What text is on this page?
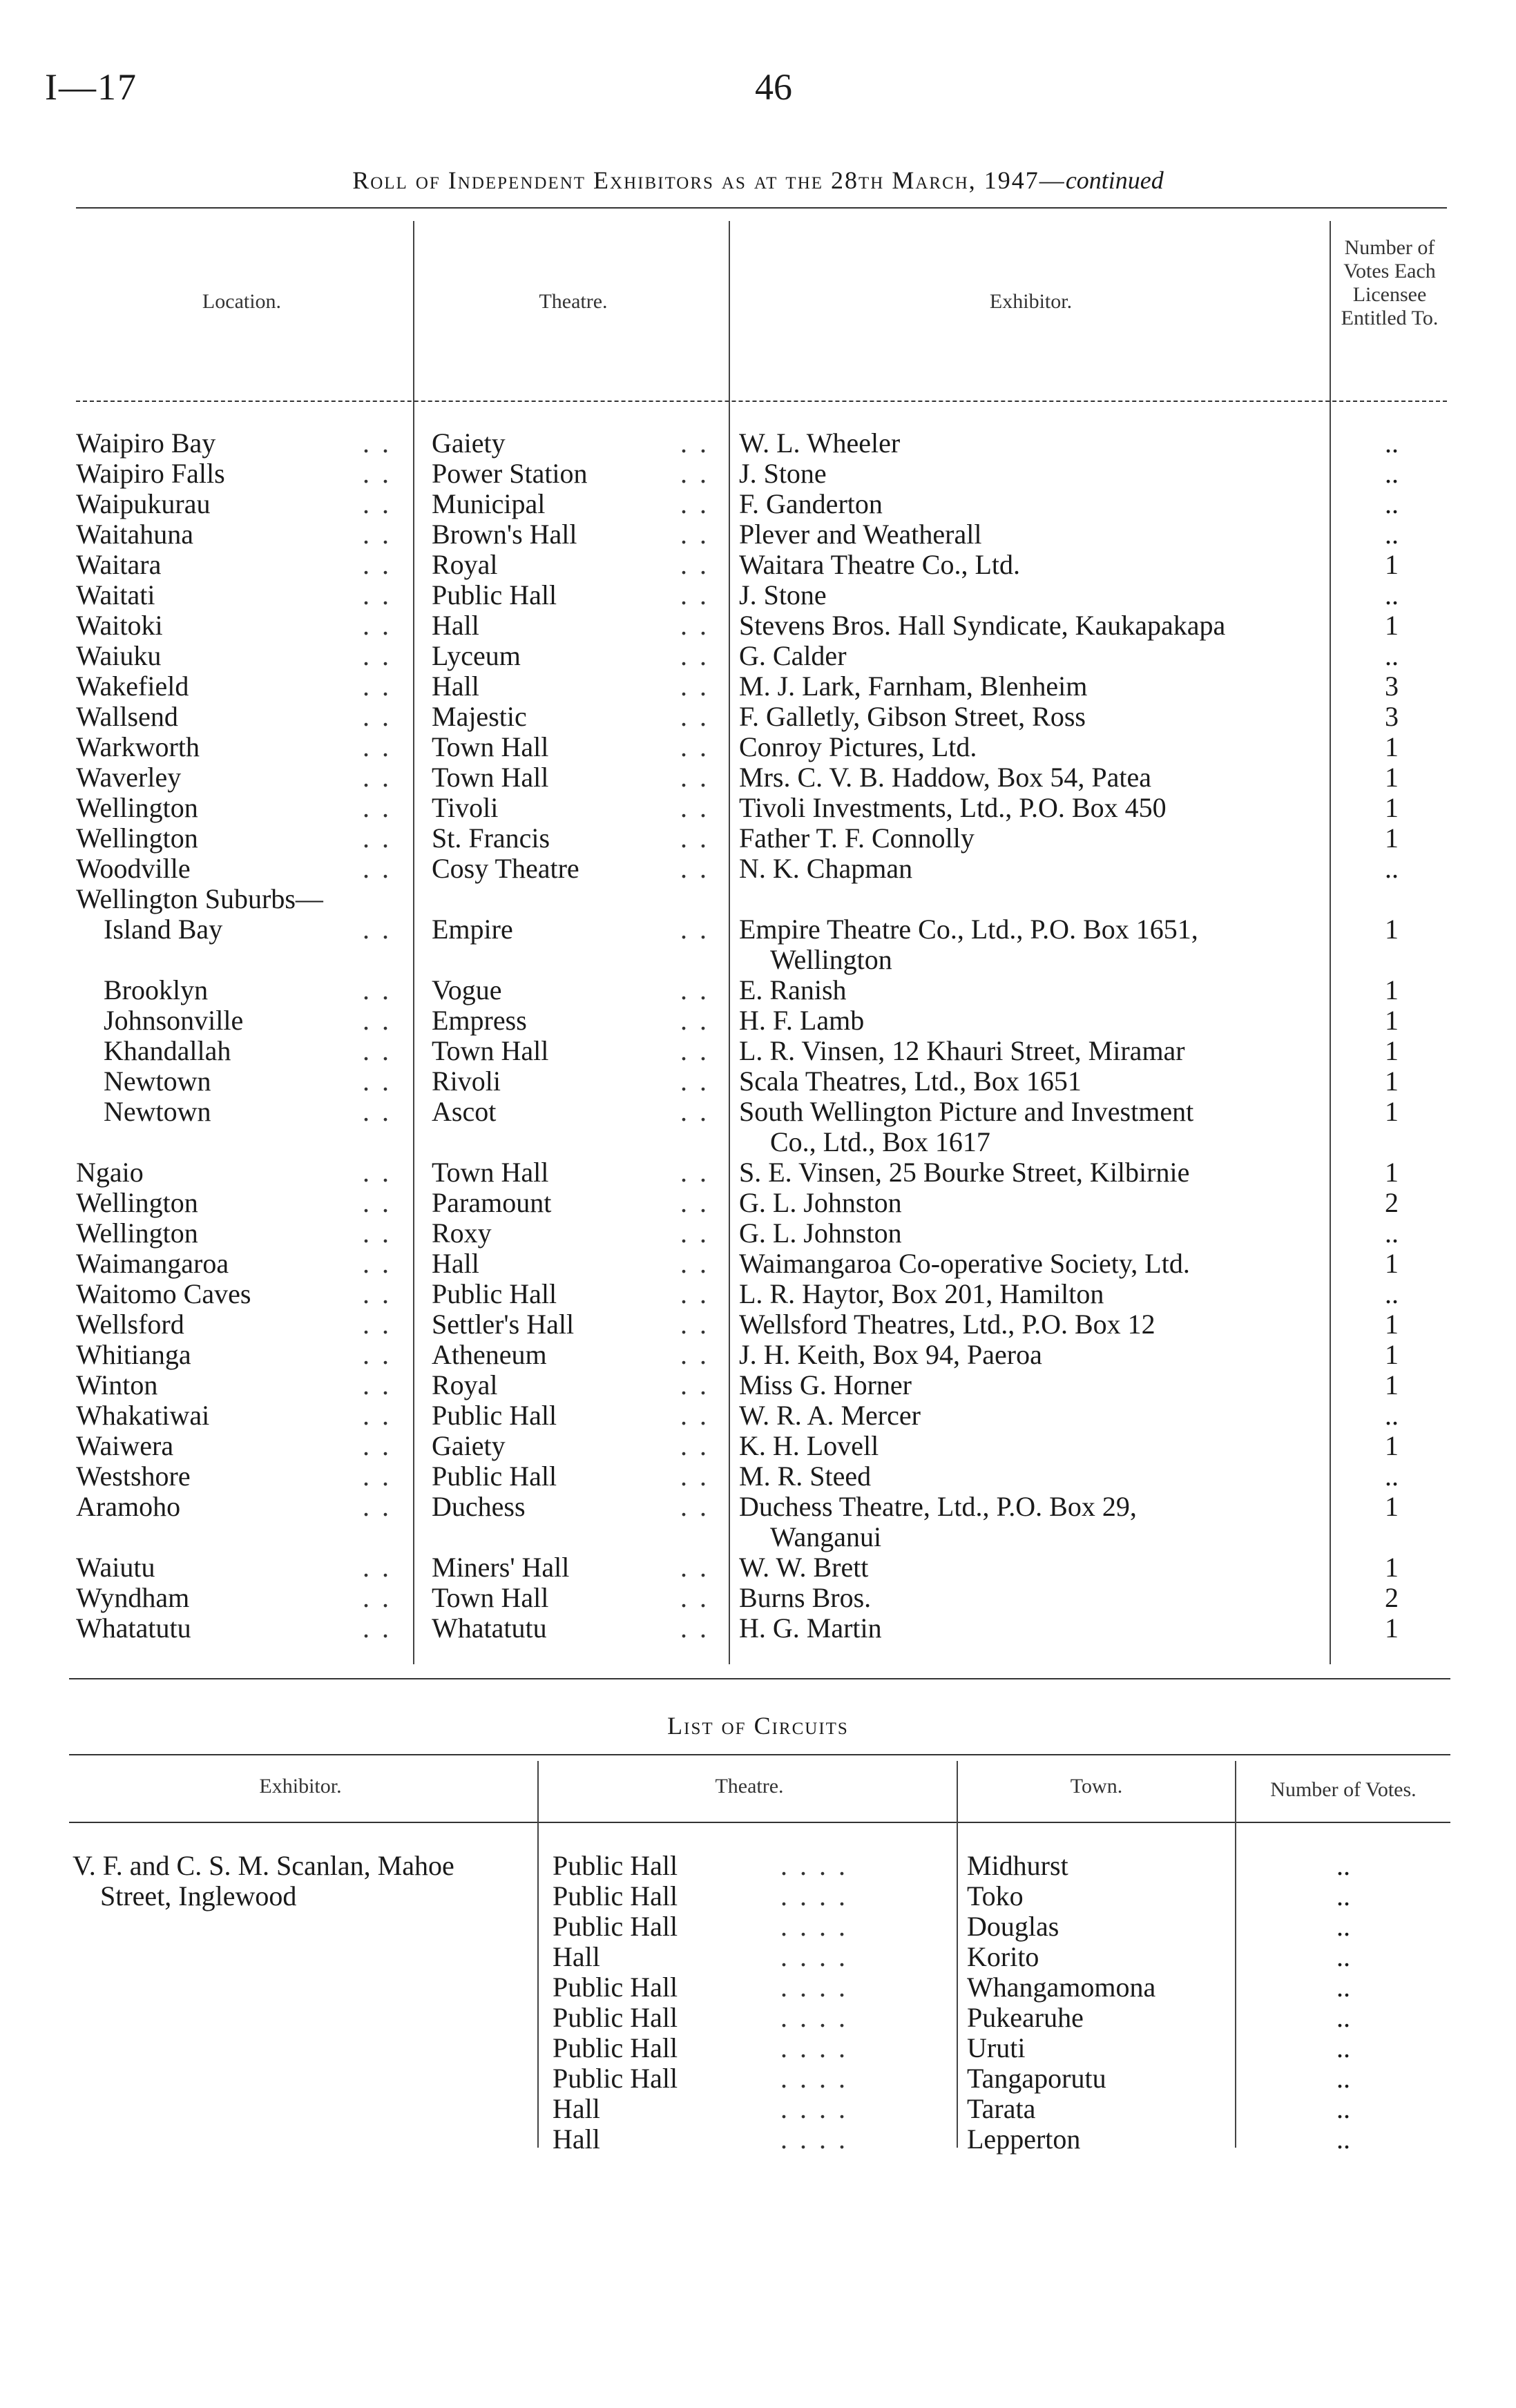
I—17	46
Roll of Independent Exhibitors as at the 28th March, 1947—continued
Location.	Theatre.	Exhibitor.
Number of Votes Each Licensee Entitled To.
Waipiro Bay	. .	Gaiety	. .	W. L. Wheeler	..
Waipiro Falls	. .	Power Station	. .	J. Stone	..
Waipukurau	. .	Municipal	. .	F. Ganderton	..
Waitahuna	. .	Brown's Hall	. .	Plever and Weatherall	..
Waitara	. .	Royal	. .	Waitara Theatre Co., Ltd.	1
Waitati	. .	Public Hall	. .	J. Stone	..
Waitoki	. .	Hall	. .	Stevens Bros. Hall Syndicate, Kaukapakapa	1
Waiuku	. .	Lyceum	. .	G. Calder	..
Wakefield	. .	Hall	. .	M. J. Lark, Farnham, Blenheim	3
Wallsend	. .	Majestic	. .	F. Galletly, Gibson Street, Ross	3
Warkworth	. .	Town Hall	. .	Conroy Pictures, Ltd.	1
Waverley	. .	Town Hall	. .	Mrs. C. V. B. Haddow, Box 54, Patea	1
Wellington	. .	Tivoli	. .	Tivoli Investments, Ltd., P.O. Box 450	1
Wellington	. .	St. Francis	. .	Father T. F. Connolly	1
Woodville	. .	Cosy Theatre	. .	N. K. Chapman	..
Wellington Suburbs—
Island Bay	. .	Empire	. .	Empire Theatre Co., Ltd., P.O. Box 1651,	1
Wellington
Brooklyn	. .	Vogue	. .	E. Ranish	1
Johnsonville	. .	Empress	. .	H. F. Lamb	1
Khandallah	. .	Town Hall	. .	L. R. Vinsen, 12 Khauri Street, Miramar	1
Newtown	. .	Rivoli	. .	Scala Theatres, Ltd., Box 1651	1
Newtown	. .	Ascot	. .	South Wellington Picture and Investment	1
Co., Ltd., Box 1617
Ngaio	. .	Town Hall	. .	S. E. Vinsen, 25 Bourke Street, Kilbirnie	1
Wellington	. .	Paramount	. .	G. L. Johnston	2
Wellington	. .	Roxy	. .	G. L. Johnston	..
Waimangaroa	. .	Hall	. .	Waimangaroa Co-operative Society, Ltd.	1
Waitomo Caves	. .	Public Hall	. .	L. R. Haytor, Box 201, Hamilton	..
Wellsford	. .	Settler's Hall	. .	Wellsford Theatres, Ltd., P.O. Box 12	1
Whitianga	. .	Atheneum	. .	J. H. Keith, Box 94, Paeroa	1
Winton	. .	Royal	. .	Miss G. Horner	1
Whakatiwai	. .	Public Hall	. .	W. R. A. Mercer	..
Waiwera	. .	Gaiety	. .	K. H. Lovell	1
Westshore	. .	Public Hall	. .	M. R. Steed	..
Aramoho	. .	Duchess	. .	Duchess Theatre, Ltd., P.O. Box 29,	1
Wanganui
Waiutu	. .	Miners' Hall	. .	W. W. Brett	1
Wyndham	. .	Town Hall	. .	Burns Bros.	2
Whatatutu	. .	Whatatutu	. .	H. G. Martin	1
List of Circuits
Exhibitor.	Theatre.	Town.	Number of Votes.
V. F. and C. S. M. Scanlan, Mahoe
Street, Inglewood
Public Hall	. . . .	Midhurst	..
Public Hall	. . . .	Toko	..
Public Hall	. . . .	Douglas	..
Hall	. . . .	Korito	..
Public Hall	. . . .	Whangamomona	..
Public Hall	. . . .	Pukearuhe	..
Public Hall	. . . .	Uruti	..
Public Hall	. . . .	Tangaporutu	..
Hall	. . . .	Tarata	..
Hall	. . . .	Lepperton	..
